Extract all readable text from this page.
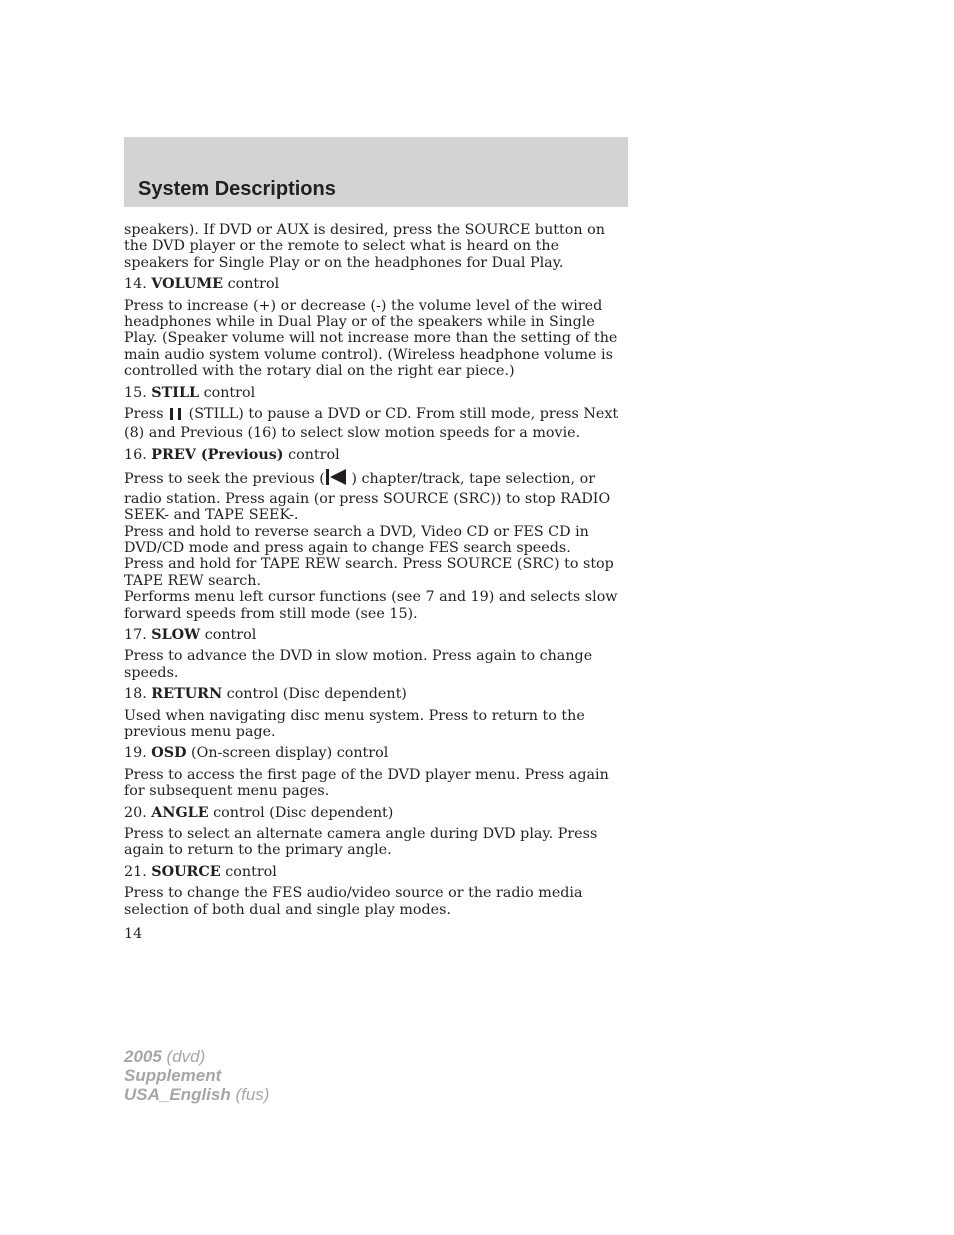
System Descriptions

speakers). If DVD or AUX is desired, press the SOURCE button on the DVD player or the remote to select what is heard on the speakers for Single Play or on the headphones for Dual Play.

14. VOLUME control

Press to increase (+) or decrease (-) the volume level of the wired headphones while in Dual Play or of the speakers while in Single Play. (Speaker volume will not increase more than the setting of the main audio system volume control). (Wireless headphone volume is controlled with the rotary dial on the right ear piece.)

15. STILL control

Press  (STILL) to pause a DVD or CD. From still mode, press Next (8) and Previous (16) to select slow motion speeds for a movie.

16. PREV (Previous) control

Press to seek the previous ( ) chapter/track, tape selection, or radio station. Press again (or press SOURCE (SRC)) to stop RADIO SEEK- and TAPE SEEK-.

Press and hold to reverse search a DVD, Video CD or FES CD in DVD/CD mode and press again to change FES search speeds.

Press and hold for TAPE REW search. Press SOURCE (SRC) to stop TAPE REW search.

Performs menu left cursor functions (see 7 and 19) and selects slow forward speeds from still mode (see 15).

17. SLOW control

Press to advance the DVD in slow motion. Press again to change speeds.

18. RETURN control (Disc dependent)

Used when navigating disc menu system. Press to return to the previous menu page.

19. OSD (On-screen display) control

Press to access the first page of the DVD player menu. Press again for subsequent menu pages.

20. ANGLE control (Disc dependent)

Press to select an alternate camera angle during DVD play. Press again to return to the primary angle.

21. SOURCE control

Press to change the FES audio/video source or the radio media selection of both dual and single play modes.

14
2005 (dvd)
Supplement
USA_English (fus)
